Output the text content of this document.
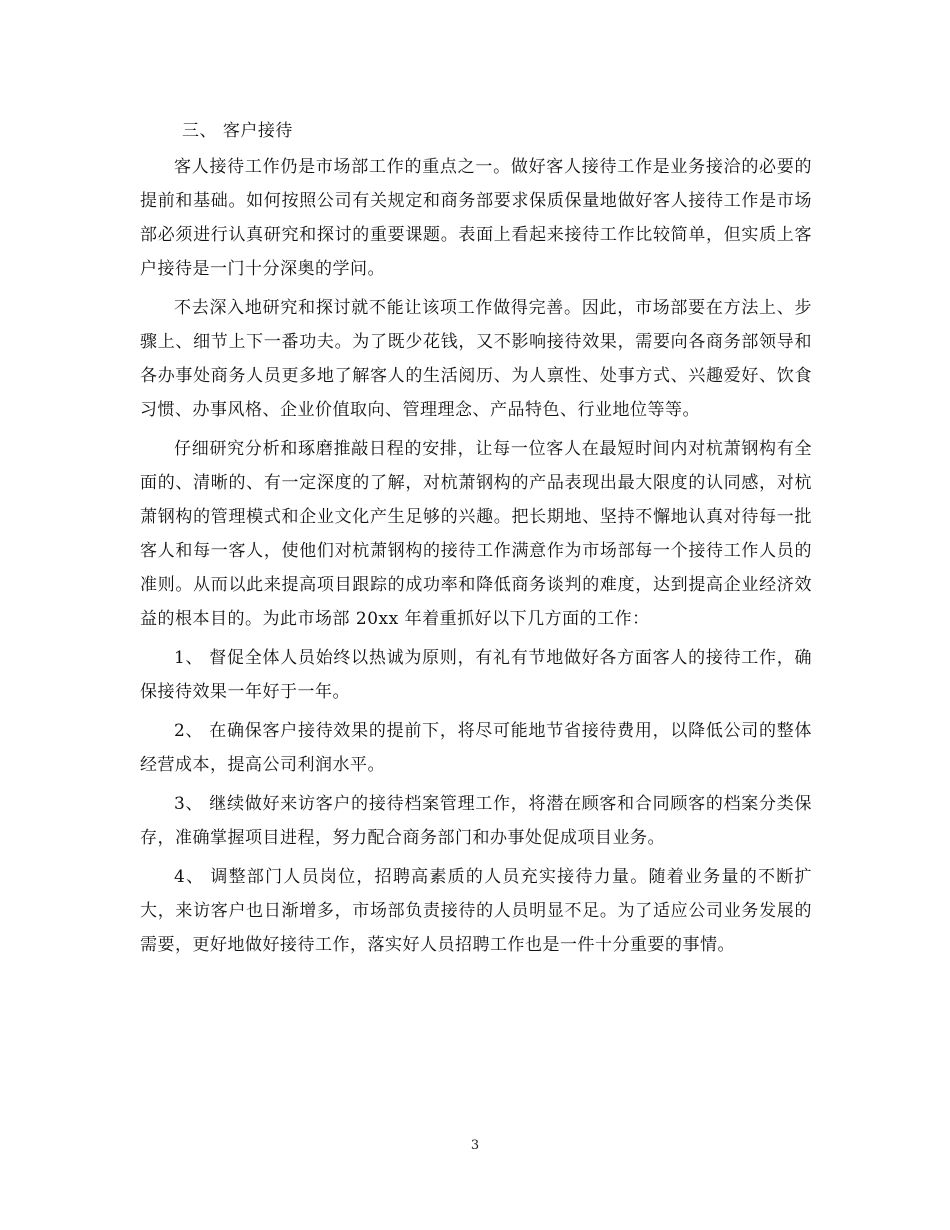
三、 客户接待

客人接待工作仍是市场部工作的重点之一。做好客人接待工作是业务接洽的必要的提前和基础。如何按照公司有关规定和商务部要求保质保量地做好客人接待工作是市场部必须进行认真研究和探讨的重要课题。表面上看起来接待工作比较简单，但实质上客户接待是一门十分深奥的学问。

不去深入地研究和探讨就不能让该项工作做得完善。因此，市场部要在方法上、步骤上、细节上下一番功夫。为了既少花钱，又不影响接待效果，需要向各商务部领导和各办事处商务人员更多地了解客人的生活阅历、为人禀性、处事方式、兴趣爱好、饮食习惯、办事风格、企业价值取向、管理理念、产品特色、行业地位等等。

仔细研究分析和琢磨推敲日程的安排，让每一位客人在最短时间内对杭萧钢构有全面的、清晰的、有一定深度的了解，对杭萧钢构的产品表现出最大限度的认同感，对杭萧钢构的管理模式和企业文化产生足够的兴趣。把长期地、坚持不懈地认真对待每一批客人和每一客人，使他们对杭萧钢构的接待工作满意作为市场部每一个接待工作人员的准则。从而以此来提高项目跟踪的成功率和降低商务谈判的难度，达到提高企业经济效益的根本目的。为此市场部 20xx 年着重抓好以下几方面的工作：

1、 督促全体人员始终以热诚为原则，有礼有节地做好各方面客人的接待工作，确保接待效果一年好于一年。

2、 在确保客户接待效果的提前下，将尽可能地节省接待费用，以降低公司的整体经营成本，提高公司利润水平。

3、 继续做好来访客户的接待档案管理工作，将潜在顾客和合同顾客的档案分类保存，准确掌握项目进程，努力配合商务部门和办事处促成项目业务。

4、 调整部门人员岗位，招聘高素质的人员充实接待力量。随着业务量的不断扩大，来访客户也日渐增多，市场部负责接待的人员明显不足。为了适应公司业务发展的需要，更好地做好接待工作，落实好人员招聘工作也是一件十分重要的事情。

3
